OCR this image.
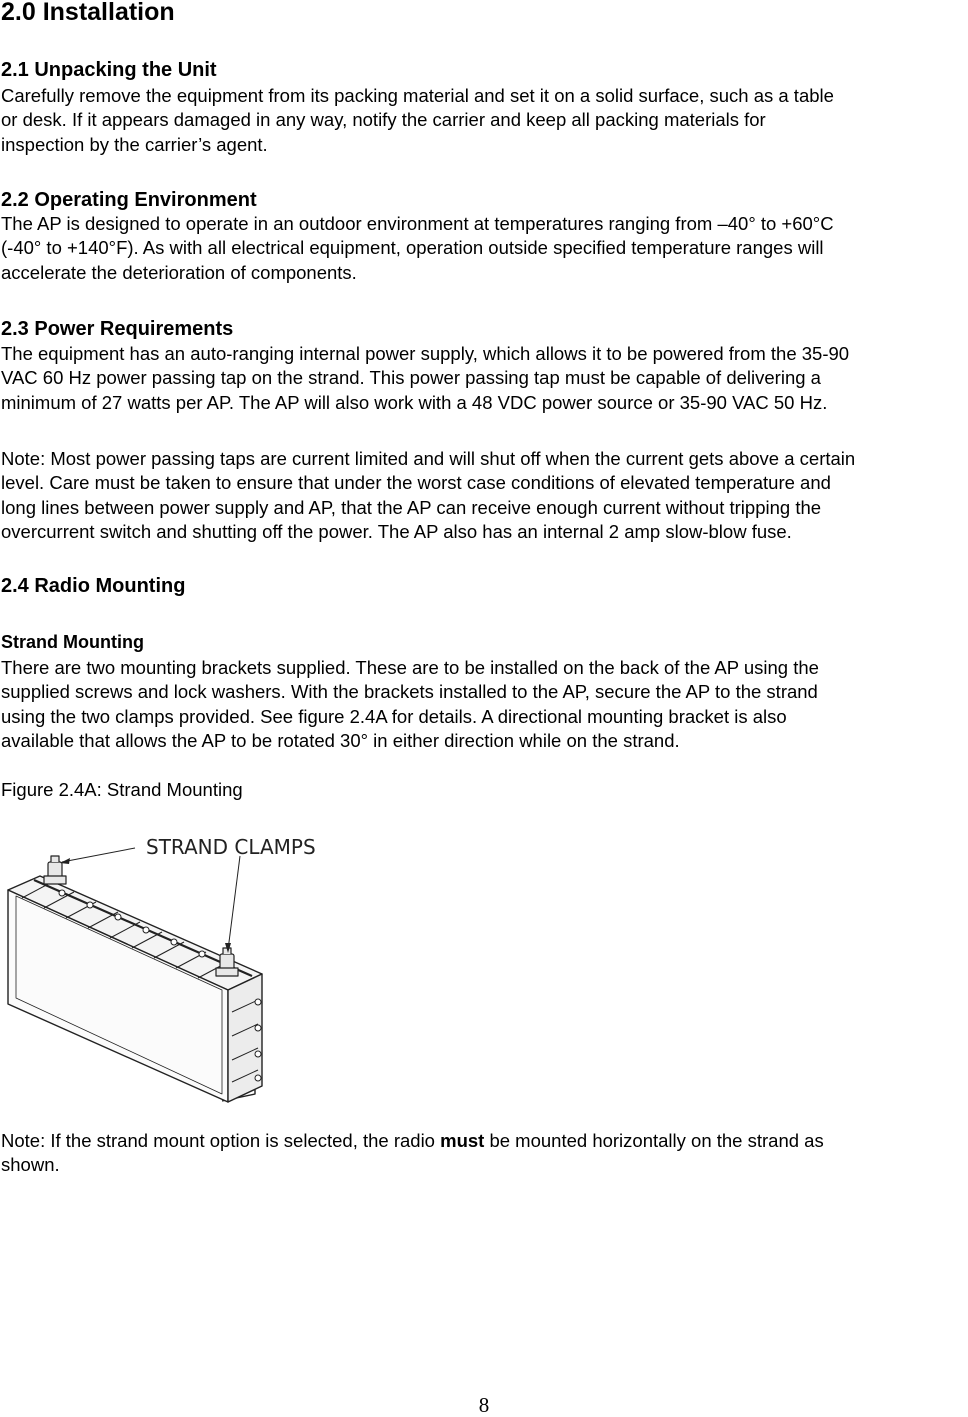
2.0 Installation
2.1 Unpacking the Unit

Carefully remove the equipment from its packing material and set it on a solid surface, such as a table
or desk. If it appears damaged in any way, notify the carrier and keep all packing materials for
inspection by the carrier’s agent.

2.2 Operating Environment

The AP is designed to operate in an outdoor environment at temperatures ranging from –40° to +60°C
(-40° to +140°F). As with all electrical equipment, operation outside specified temperature ranges will
accelerate the deterioration of components.

2.3 Power Requirements

The equipment has an auto-ranging internal power supply, which allows it to be powered from the 35-90
VAC 60 Hz power passing tap on the strand. This power passing tap must be capable of delivering a
minimum of 27 watts per AP. The AP will also work with a 48 VDC power source or 35-90 VAC 50 Hz.

Note: Most power passing taps are current limited and will shut off when the current gets above a certain
level. Care must be taken to ensure that under the worst case conditions of elevated temperature and
long lines between power supply and AP, that the AP can receive enough current without tripping the
overcurrent switch and shutting off the power. The AP also has an internal 2 amp slow-blow fuse.

2.4 Radio Mounting
Strand Mounting

There are two mounting brackets supplied. These are to be installed on the back of the AP using the
supplied screws and lock washers. With the brackets installed to the AP, secure the AP to the strand
using the two clamps provided. See figure 2.4A for details. A directional mounting bracket is also
available that allows the AP to be rotated 30° in either direction while on the strand.

Figure 2.4A: Strand Mounting

STRAND CLAMPS

Note: If the strand mount option is selected, the radio must be mounted horizontally on the strand as
shown.

8
